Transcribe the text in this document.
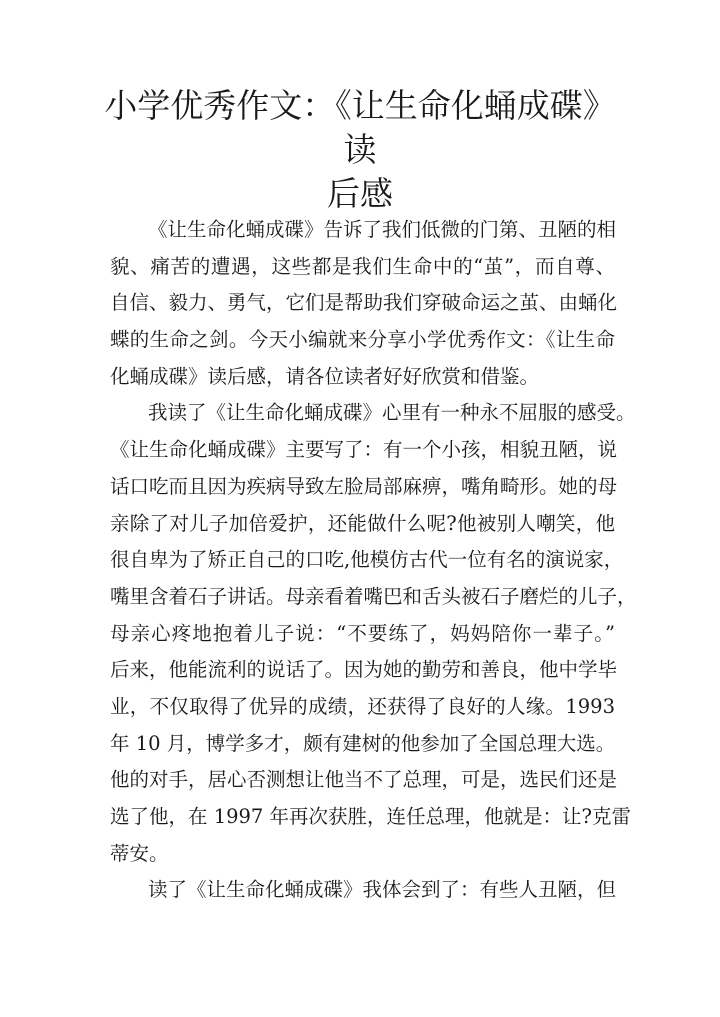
小学优秀作文：《让生命化蛹成碟》读
后感
《让生命化蛹成碟》告诉了我们低微的门第、丑陋的相
貌、痛苦的遭遇，这些都是我们生命中的“茧”，而自尊、
自信、毅力、勇气，它们是帮助我们穿破命运之茧、由蛹化
蝶的生命之剑。今天小编就来分享小学优秀作文：《让生命
化蛹成碟》读后感，请各位读者好好欣赏和借鉴。
我读了《让生命化蛹成碟》心里有一种永不屈服的感受。
《让生命化蛹成碟》主要写了：有一个小孩，相貌丑陋，说
话口吃而且因为疾病导致左脸局部麻痹，嘴角畸形。她的母
亲除了对儿子加倍爱护，还能做什么呢?他被别人嘲笑，他
很自卑为了矫正自己的口吃,他模仿古代一位有名的演说家，
嘴里含着石子讲话。母亲看着嘴巴和舌头被石子磨烂的儿子，
母亲心疼地抱着儿子说：“不要练了，妈妈陪你一辈子。”
后来，他能流利的说话了。因为她的勤劳和善良，他中学毕
业，不仅取得了优异的成绩，还获得了良好的人缘。1993
年 10 月，博学多才，颇有建树的他参加了全国总理大选。
他的对手，居心否测想让他当不了总理，可是，选民们还是
选了他，在 1997 年再次获胜，连任总理，他就是：让?克雷
蒂安。
读了《让生命化蛹成碟》我体会到了：有些人丑陋，但
